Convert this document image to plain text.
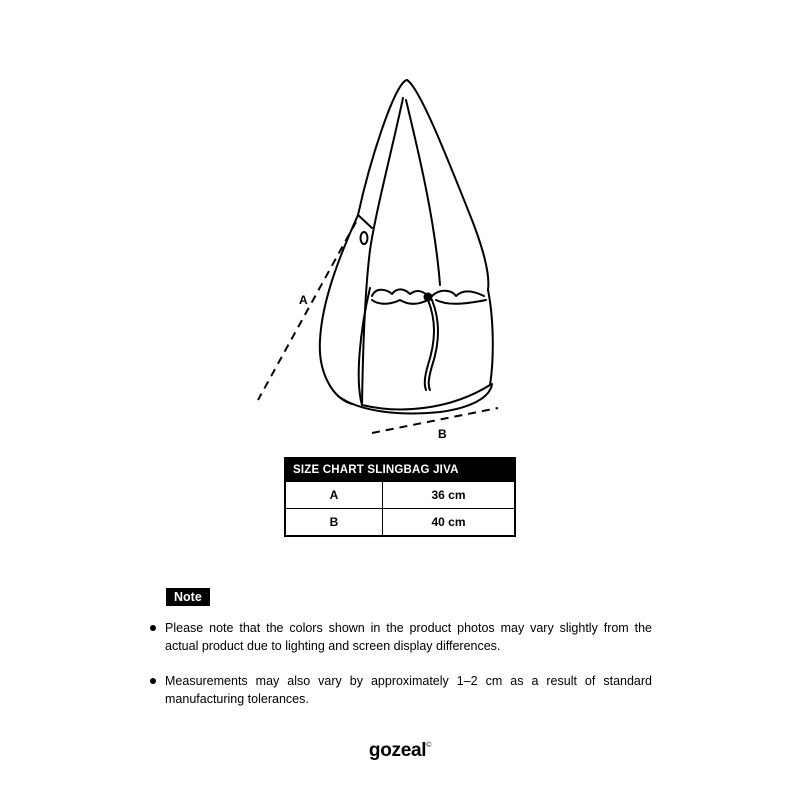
A
B
SIZE CHART SLINGBAG JIVA	
A	36 cm
B	40 cm
Note
Please note that the colors shown in the product photos may vary slightly from the actual product due to lighting and screen display differences.
Measurements may also vary by approximately 1–2 cm as a result of standard manufacturing tolerances.
gozeal©
